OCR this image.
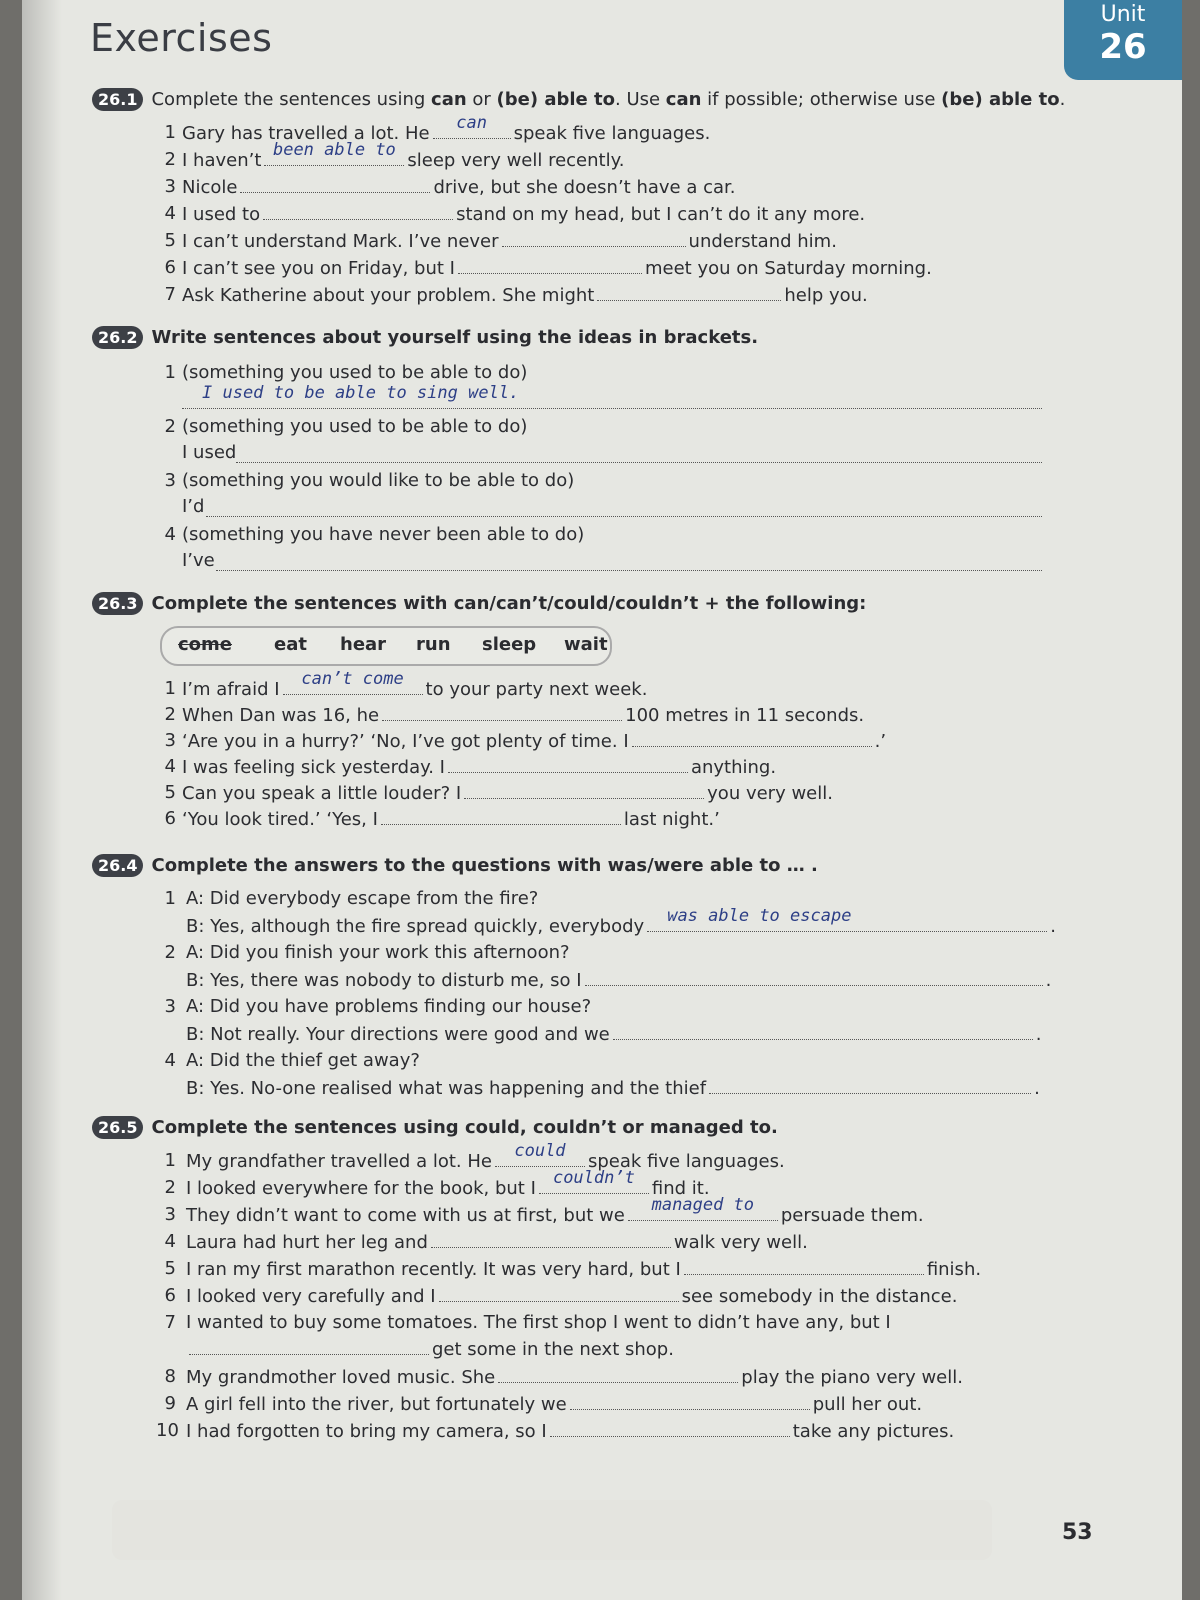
Exercises
Unit
26
26.1 Complete the sentences using can or (be) able to. Use can if possible; otherwise use (be) able to.
26.2 Write sentences about yourself using the ideas in brackets.
26.3 Complete the sentences with can/can’t/could/couldn’t + the following:
come eat hear run sleep wait
26.4 Complete the answers to the questions with was/were able to … .
26.5 Complete the sentences using could, couldn’t or managed to.
53
1 Gary has travelled a lot. He	can	speak five languages.
2 I haven’t been able to sleep very well recently.
3 Nicole	drive, but she doesn’t have a car.
4 I used to	stand on my head, but I can’t do it any more.
5 I can’t understand Mark. I’ve never	understand him.
6 I can’t see you on Friday, but I	meet you on Saturday morning.
7 Ask Katherine about your problem. She might	help you.
1 (something you used to be able to do)
I used to be able to sing well.
2 (something you used to be able to do)
I used
3 (something you would like to be able to do)
I’d
4 (something you have never been able to do)
I’ve
1 I’m afraid I	can’t come	to your party next week.
2 When Dan was 16, he	100 metres in 11 seconds.
3 ‘Are you in a hurry?’ ‘No, I’ve got plenty of time. I	.’
4 I was feeling sick yesterday. I	anything.
5 Can you speak a little louder? I	you very well.
6 ‘You look tired.’ ‘Yes, I	last night.’
1 A: Did everybody escape from the fire?
B: Yes, although the fire spread quickly, everybody was able to escape	.
2 A: Did you finish your work this afternoon?
B: Yes, there was nobody to disturb me, so I	.
3 A: Did you have problems finding our house?
B: Not really. Your directions were good and we	.
4 A: Did the thief get away?
B: Yes. No-one realised what was happening and the thief	.
1 My grandfather travelled a lot. He	could	speak five languages.
2 I looked everywhere for the book, but I	couldn’t find it.
3 They didn’t want to come with us at first, but we	managed to	persuade them.
4 Laura had hurt her leg and	walk very well.
5 I ran my first marathon recently. It was very hard, but I	finish.
6 I looked very carefully and I	see somebody in the distance.
7 I wanted to buy some tomatoes. The first shop I went to didn’t have any, but I
get some in the next shop.
8 My grandmother loved music. She	play the piano very well.
9 A girl fell into the river, but fortunately we	pull her out.
10 I had forgotten to bring my camera, so I	take any pictures.
